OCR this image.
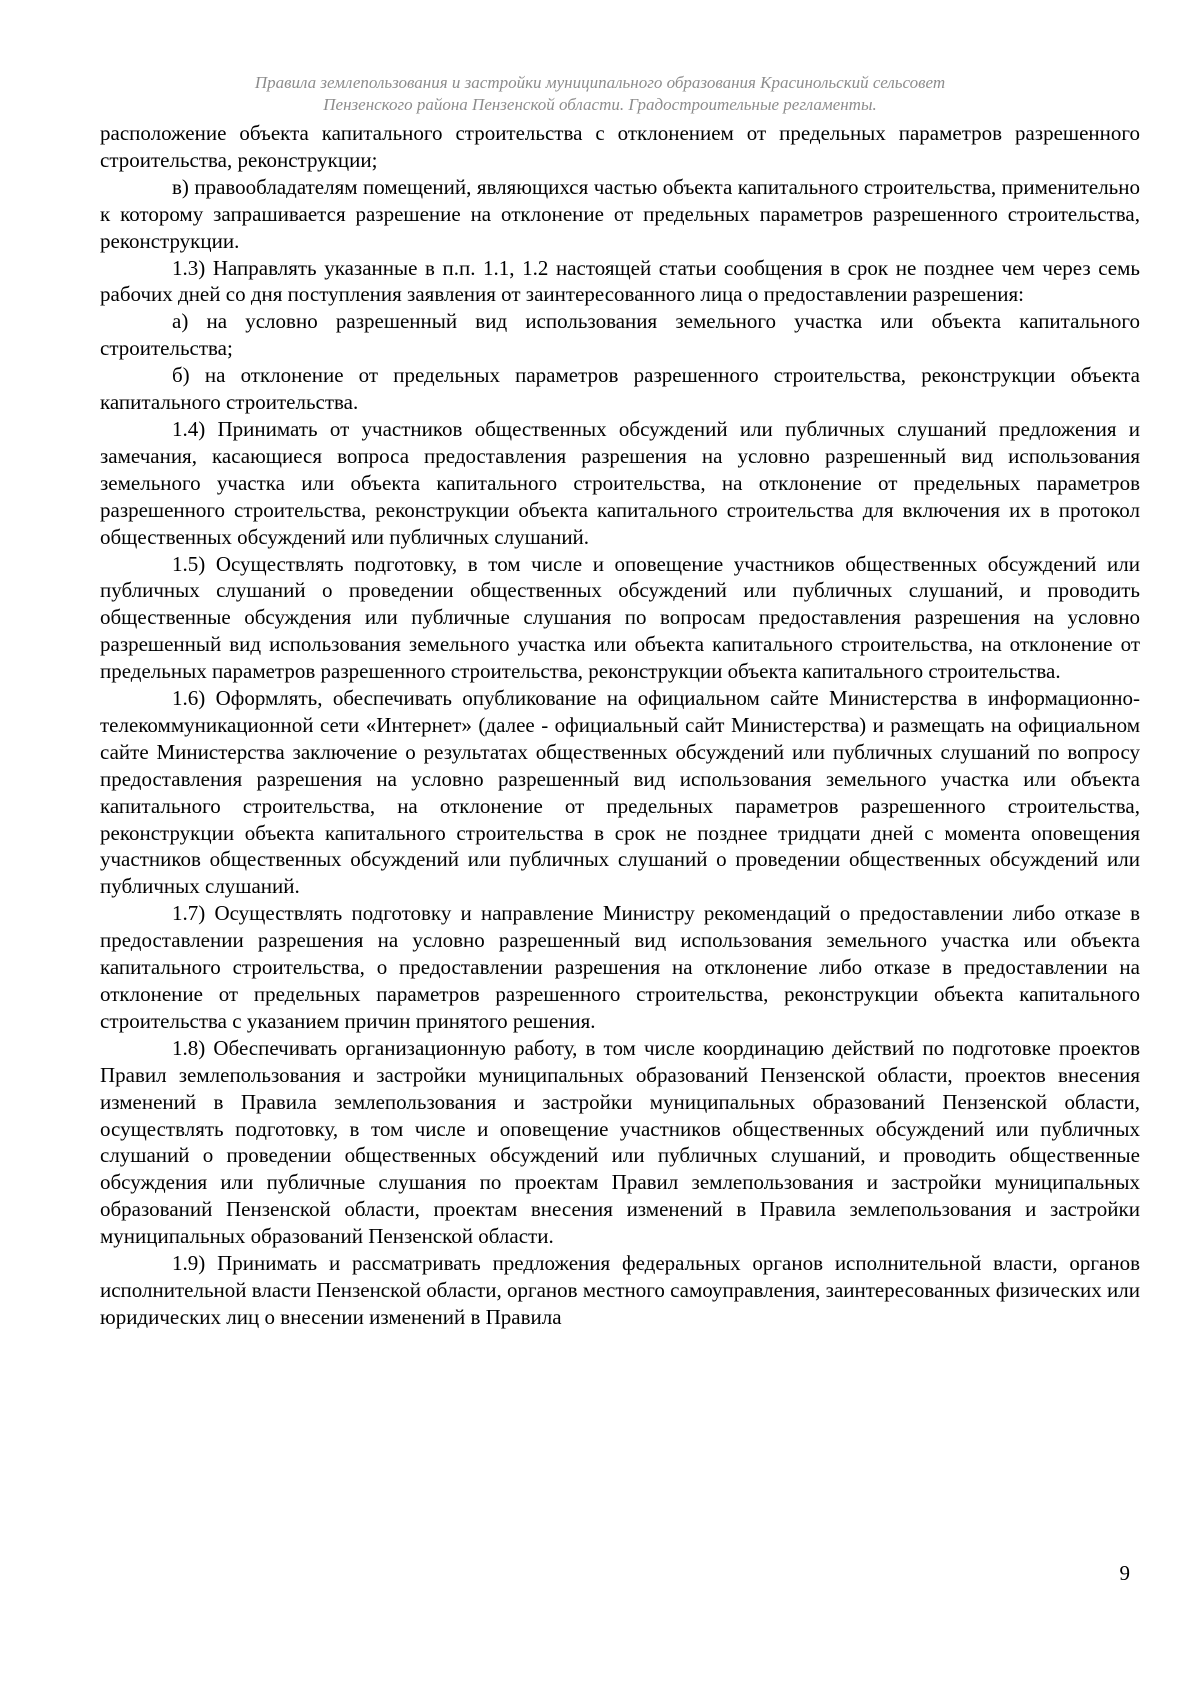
Правила землепользования и застройки муниципального образования Красинольский сельсовет
Пензенского района Пензенской области. Градостроительные регламенты.

расположение объекта капитального строительства с отклонением от предельных параметров разрешенного строительства, реконструкции;

в) правообладателям помещений, являющихся частью объекта капитального строительства, применительно к которому запрашивается разрешение на отклонение от предельных параметров разрешенного строительства, реконструкции.

1.3) Направлять указанные в п.п. 1.1, 1.2 настоящей статьи сообщения в срок не позднее чем через семь рабочих дней со дня поступления заявления от заинтересованного лица о предоставлении разрешения:

а) на условно разрешенный вид использования земельного участка или объекта капитального строительства;

б) на отклонение от предельных параметров разрешенного строительства, реконструкции объекта капитального строительства.

1.4) Принимать от участников общественных обсуждений или публичных слушаний предложения и замечания, касающиеся вопроса предоставления разрешения на условно разрешенный вид использования земельного участка или объекта капитального строительства, на отклонение от предельных параметров разрешенного строительства, реконструкции объекта капитального строительства для включения их в протокол общественных обсуждений или публичных слушаний.

1.5) Осуществлять подготовку, в том числе и оповещение участников общественных обсуждений или публичных слушаний о проведении общественных обсуждений или публичных слушаний, и проводить общественные обсуждения или публичные слушания по вопросам предоставления разрешения на условно разрешенный вид использования земельного участка или объекта капитального строительства, на отклонение от предельных параметров разрешенного строительства, реконструкции объекта капитального строительства.

1.6) Оформлять, обеспечивать опубликование на официальном сайте Министерства в информационно-телекоммуникационной сети «Интернет» (далее - официальный сайт Министерства) и размещать на официальном сайте Министерства заключение о результатах общественных обсуждений или публичных слушаний по вопросу предоставления разрешения на условно разрешенный вид использования земельного участка или объекта капитального строительства, на отклонение от предельных параметров разрешенного строительства, реконструкции объекта капитального строительства в срок не позднее тридцати дней с момента оповещения участников общественных обсуждений или публичных слушаний о проведении общественных обсуждений или публичных слушаний.

1.7) Осуществлять подготовку и направление Министру рекомендаций о предоставлении либо отказе в предоставлении разрешения на условно разрешенный вид использования земельного участка или объекта капитального строительства, о предоставлении разрешения на отклонение либо отказе в предоставлении на отклонение от предельных параметров разрешенного строительства, реконструкции объекта капитального строительства с указанием причин принятого решения.

1.8) Обеспечивать организационную работу, в том числе координацию действий по подготовке проектов Правил землепользования и застройки муниципальных образований Пензенской области, проектов внесения изменений в Правила землепользования и застройки муниципальных образований Пензенской области, осуществлять подготовку, в том числе и оповещение участников общественных обсуждений или публичных слушаний о проведении общественных обсуждений или публичных слушаний, и проводить общественные обсуждения или публичные слушания по проектам Правил землепользования и застройки муниципальных образований Пензенской области, проектам внесения изменений в Правила землепользования и застройки муниципальных образований Пензенской области.

1.9) Принимать и рассматривать предложения федеральных органов исполнительной власти, органов исполнительной власти Пензенской области, органов местного самоуправления, заинтересованных физических или юридических лиц о внесении изменений в Правила

9
